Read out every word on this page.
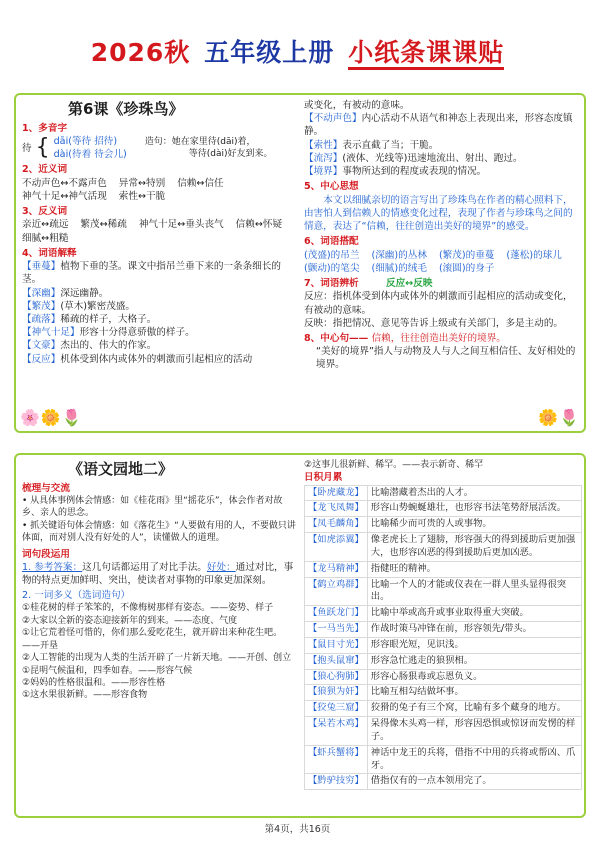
2026秋 五年级上册 小纸条课课贴
第6课《珍珠鸟》
1、多音字
待 { dāi(等待 招待)
dài(待着 待会儿)
造句：她在家里待(dāi)着，
等待(dài)好友到来。
2、近义词
不动声色↔不露声色 异常↔特别 信赖↔信任
神气十足↔神气活现 索性↔干脆
3、反义词
亲近↔疏远 繁茂↔稀疏 神气十足↔垂头丧气 信赖↔怀疑
细腻↔粗糙
4、词语解释
【垂蔓】植物下垂的茎。课文中指吊兰垂下来的一条条细长的茎。
【深幽】深远幽静。
【繁茂】(草木)繁密茂盛。
【疏落】稀疏的样子，大格子。
【神气十足】形容十分得意骄傲的样子。
【文豪】杰出的、伟大的作家。
【反应】机体受到体内或体外的刺激而引起相应的活动
🌸🌼🌷
或变化，有被动的意味。
【不动声色】内心活动不从语气和神态上表现出来，形容态度镇静。
【索性】表示直截了当；干脆。
【流泻】(液体、光线等)迅速地流出、射出、跑过。
【境界】事物所达到的程度或表现的情况。
5、中心思想
本文以细腻亲切的语言写出了珍珠鸟在作者的精心照料下，由害怕人到信赖人的情感变化过程，表现了作者与珍珠鸟之间的情意，表达了“信赖，往往创造出美好的境界”的感受。
6、词语搭配
(茂盛)的吊兰 (深幽)的丛林 (繁茂)的垂蔓 (蓬松)的球儿
(颤动)的笔尖 (细腻)的绒毛 (滚圆)的身子
7、词语辨析	反应↔反映
反应：指机体受到体内或体外的刺激而引起相应的活动或变化，有被动的意味。
反映：指把情况、意见等告诉上级或有关部门，多是主动的。
8、中心句—— 信赖，往往创造出美好的境界。
“美好的境界”指人与动物及人与人之间互相信任、友好相处的境界。
🌼🌷
《语文园地二》
梳理与交流
• 从具体事例体会情感：如《桂花雨》里“摇花乐”，体会作者对故乡、亲人的思念。
• 抓关键语句体会情感：如《落花生》“人要做有用的人，不要做只讲体面，而对别人没有好处的人”，读懂做人的道理。
词句段运用
1. 参考答案：这几句话都运用了对比手法。好处：通过对比，事物的特点更加鲜明、突出，使读者对事物的印象更加深刻。
2. 一词多义（选词造句）
①桂花树的样子笨笨的，不像梅树那样有姿态。——姿势、样子
②大家以全新的姿态迎接新年的到来。——态度、气度
①让它荒着怪可惜的，你们那么爱吃花生，就开辟出来种花生吧。——开垦
②人工智能的出现为人类的生活开辟了一片新天地。——开创、创立
①昆明气候温和，四季如春。——形容气候
②妈妈的性格很温和。——形容性格
①这水果很新鲜。——形容食物
②这事儿很新鲜、稀罕。——表示新奇、稀罕
日积月累
【卧虎藏龙】	比喻潜藏着杰出的人才。
【龙飞凤舞】	形容山势蜿蜒雄壮，也形容书法笔势舒展活泼。
【凤毛麟角】	比喻稀少而可贵的人或事物。
【如虎添翼】	像老虎长上了翅膀，形容强大的得到援助后更加强大，也形容凶恶的得到援助后更加凶恶。
【龙马精神】	指健旺的精神。
【鹤立鸡群】	比喻一个人的才能或仪表在一群人里头显得很突出。
【鱼跃龙门】	比喻中举或高升或事业取得重大突破。
【一马当先】	作战时策马冲锋在前，形容领先/带头。
【鼠目寸光】	形容眼光短，见识浅。
【抱头鼠窜】	形容急忙逃走的狼狈相。
【狼心狗肺】	形容心肠狠毒或忘恩负义。
【狼狈为奸】	比喻互相勾结做坏事。
【狡兔三窟】	狡猾的兔子有三个窝，比喻有多个藏身的地方。
【呆若木鸡】	呆得像木头鸡一样，形容因恐惧或惊讶而发愣的样子。
【虾兵蟹将】	神话中龙王的兵将，借指不中用的兵将或帮凶、爪牙。
【黔驴技穷】	借指仅有的一点本领用完了。
第4页，共16页
